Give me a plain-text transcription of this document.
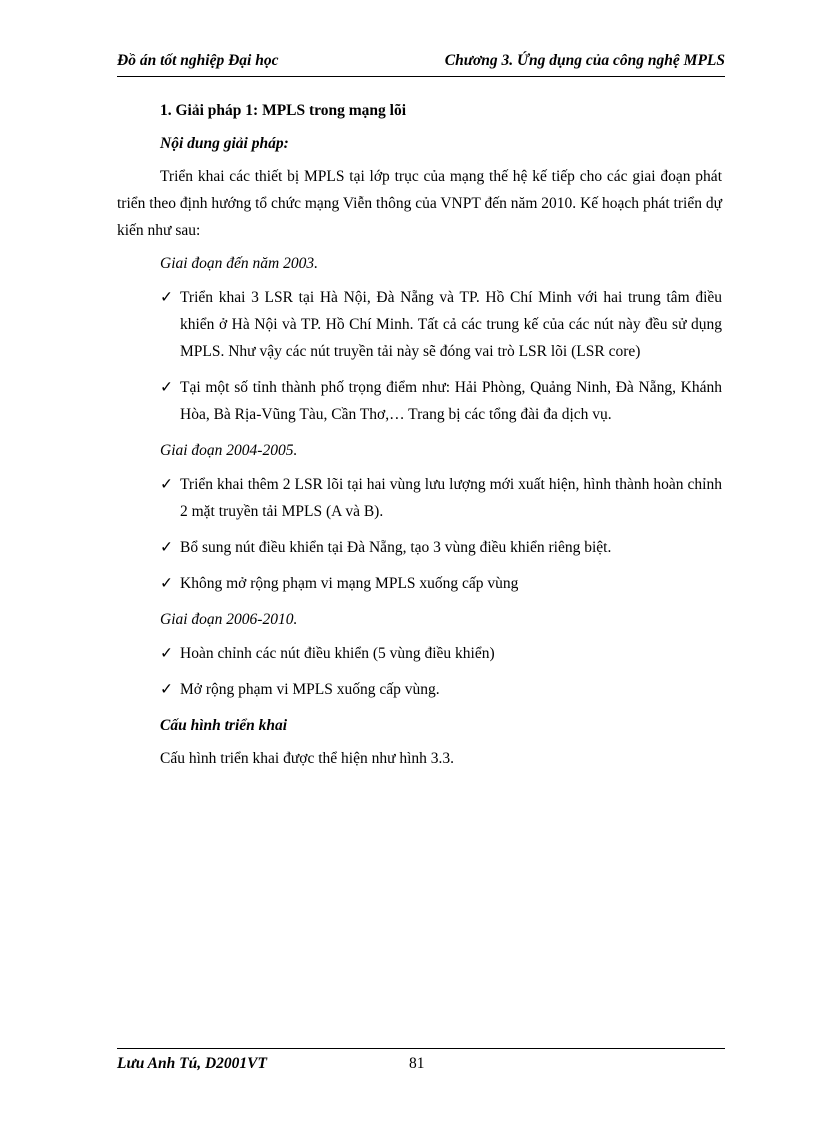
Đồ án tốt nghiệp Đại học	Chương 3. Ứng dụng của công nghệ MPLS
1. Giải pháp 1: MPLS trong mạng lõi
Nội dung giải pháp:
Triển khai các thiết bị MPLS tại lớp trục của mạng thế hệ kế tiếp cho các giai đoạn phát triển theo định hướng tổ chức mạng Viễn thông của VNPT đến năm 2010. Kế hoạch phát triển dự kiến như sau:
Giai đoạn đến năm 2003.
✓ Triển khai 3 LSR tại Hà Nội, Đà Nẵng và TP. Hồ Chí Minh với hai trung tâm điều khiển ở Hà Nội và TP. Hồ Chí Minh. Tất cả các trung kế của các nút này đều sử dụng MPLS. Như vậy các nút truyền tải này sẽ đóng vai trò LSR lõi (LSR core)
✓ Tại một số tỉnh thành phố trọng điểm như: Hải Phòng, Quảng Ninh, Đà Nẵng, Khánh Hòa, Bà Rịa-Vũng Tàu, Cần Thơ,… Trang bị các tổng đài đa dịch vụ.
Giai đoạn 2004-2005.
✓ Triển khai thêm 2 LSR lõi tại hai vùng lưu lượng mới xuất hiện, hình thành hoàn chỉnh 2 mặt truyền tải MPLS (A và B).
✓ Bổ sung nút điều khiển tại Đà Nẵng, tạo 3 vùng điều khiển riêng biệt.
✓ Không mở rộng phạm vi mạng MPLS xuống cấp vùng
Giai đoạn 2006-2010.
✓ Hoàn chỉnh các nút điều khiển (5 vùng điều khiển)
✓ Mở rộng phạm vi MPLS xuống cấp vùng.
Cấu hình triển khai
Cấu hình triển khai được thể hiện như hình 3.3.
Lưu Anh Tú, D2001VT	81
